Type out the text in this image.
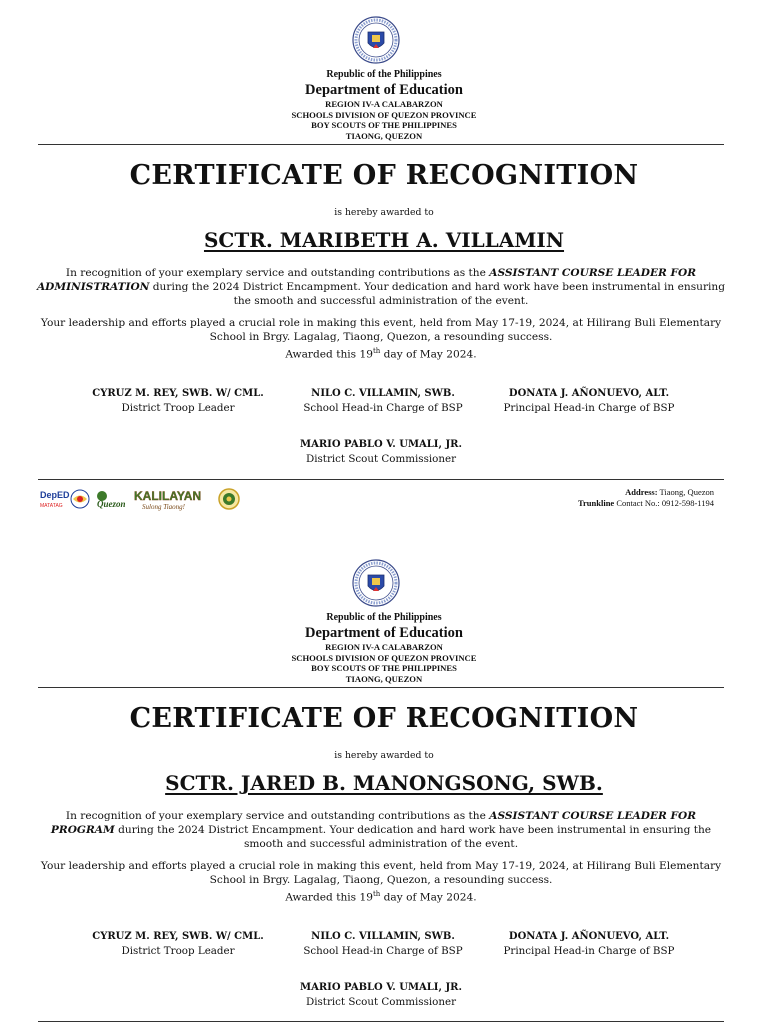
Republic of the Philippines
Department of Education
REGION IV-A CALABARZON
SCHOOLS DIVISION OF QUEZON PROVINCE
BOY SCOUTS OF THE PHILIPPINES
TIAONG, QUEZON
CERTIFICATE OF RECOGNITION
is hereby awarded to
SCTR. MARIBETH A. VILLAMIN
In recognition of your exemplary service and outstanding contributions as the ASSISTANT COURSE LEADER FOR ADMINISTRATION during the 2024 District Encampment. Your dedication and hard work have been instrumental in ensuring the smooth and successful administration of the event.
Your leadership and efforts played a crucial role in making this event, held from May 17-19, 2024, at Hilirang Buli Elementary School in Brgy. Lagalag, Tiaong, Quezon, a resounding success.
Awarded this 19th day of May 2024.
CYRUZ M. REY, SWB. W/ CML.
District Troop Leader
NILO C. VILLAMIN, SWB.
School Head-in Charge of BSP
DONATA J. AÑONUEVO, ALT.
Principal Head-in Charge of BSP
MARIO PABLO V. UMALI, JR.
District Scout Commissioner
DepED
MATATAG	Quezon
KALILAYAN
Sulong Tiaong!
Address: Tiaong, Quezon
Trunkline Contact No.: 0912-598-1194
Republic of the Philippines
Department of Education
REGION IV-A CALABARZON
SCHOOLS DIVISION OF QUEZON PROVINCE
BOY SCOUTS OF THE PHILIPPINES
TIAONG, QUEZON
CERTIFICATE OF RECOGNITION
is hereby awarded to
SCTR. JARED B. MANONGSONG, SWB.
In recognition of your exemplary service and outstanding contributions as the ASSISTANT COURSE LEADER FOR PROGRAM during the 2024 District Encampment. Your dedication and hard work have been instrumental in ensuring the smooth and successful administration of the event.
Your leadership and efforts played a crucial role in making this event, held from May 17-19, 2024, at Hilirang Buli Elementary School in Brgy. Lagalag, Tiaong, Quezon, a resounding success.
Awarded this 19th day of May 2024.
CYRUZ M. REY, SWB. W/ CML.
District Troop Leader
NILO C. VILLAMIN, SWB.
School Head-in Charge of BSP
DONATA J. AÑONUEVO, ALT.
Principal Head-in Charge of BSP
MARIO PABLO V. UMALI, JR.
District Scout Commissioner
